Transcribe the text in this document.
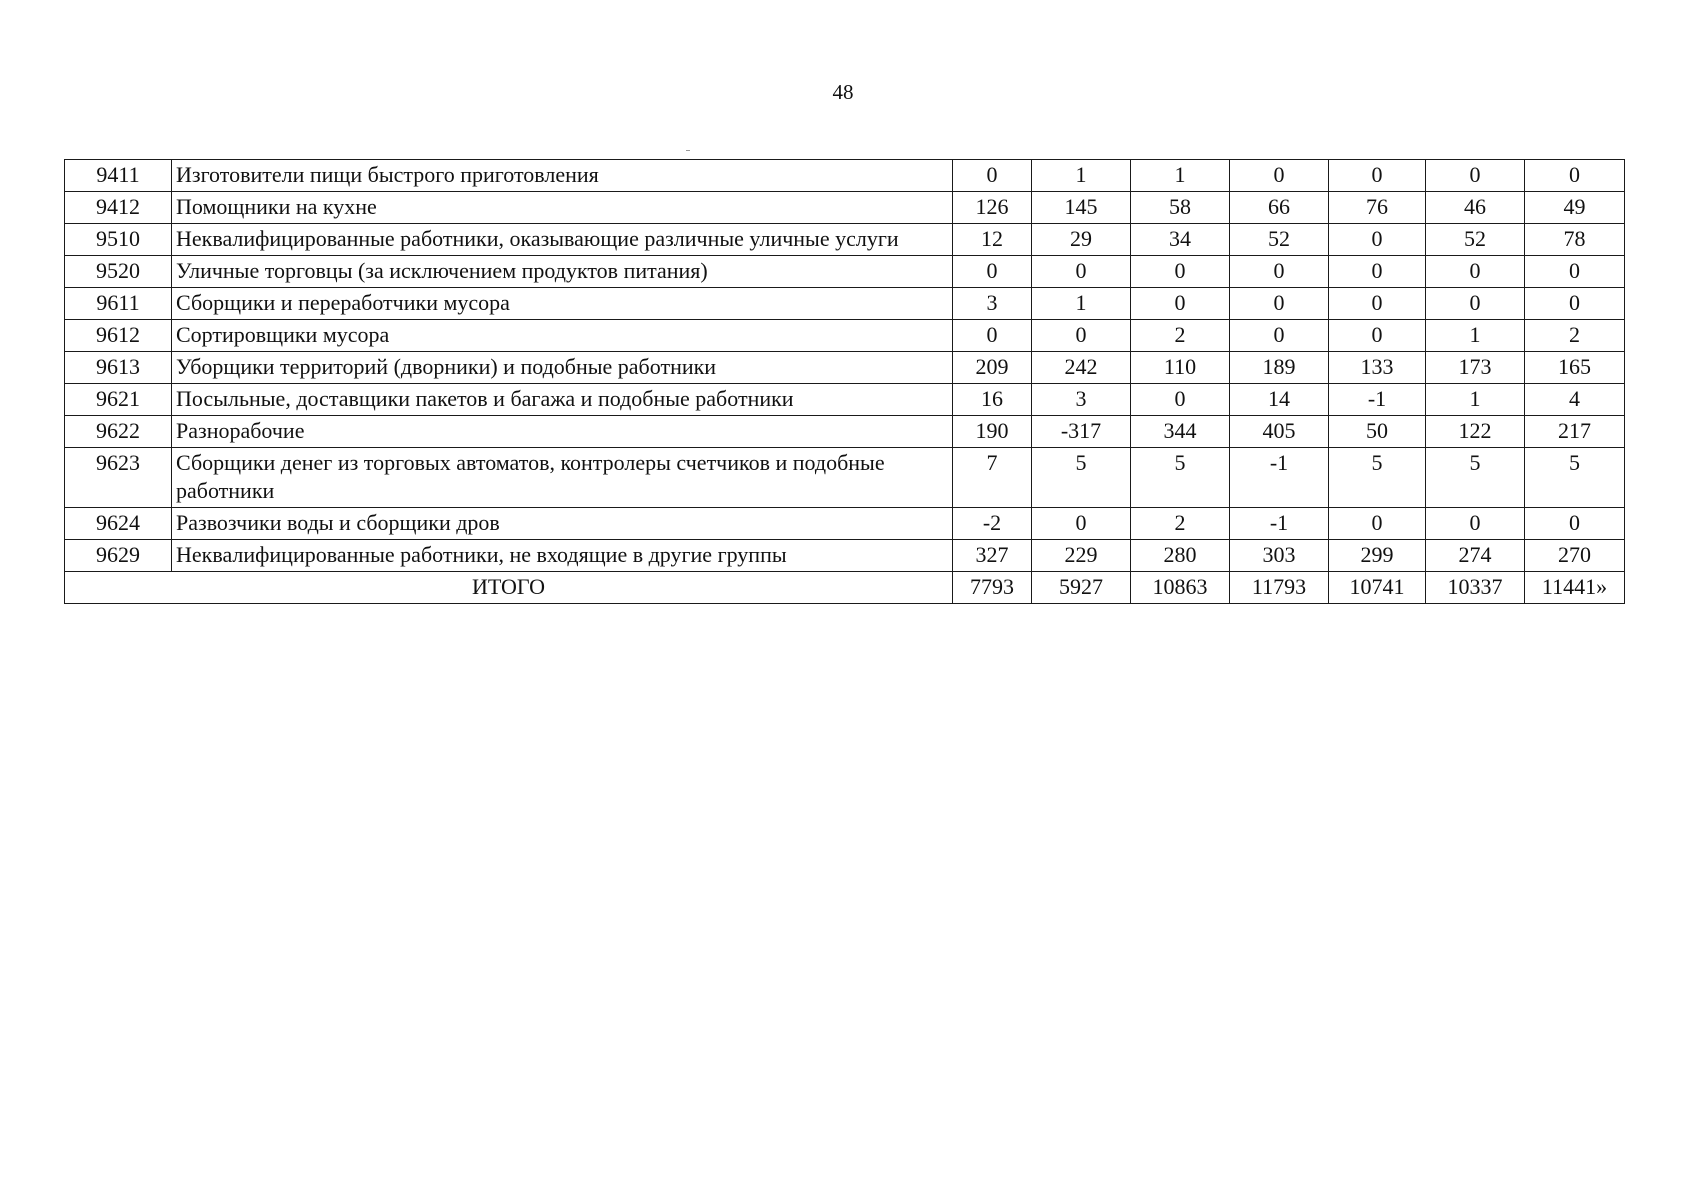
48
9411	Изготовители пищи быстрого приготовления	0	1	1	0	0	0	0
9412	Помощники на кухне	126	145	58	66	76	46	49
9510	Неквалифицированные работники, оказывающие различные уличные услуги	12	29	34	52	0	52	78
9520	Уличные торговцы (за исключением продуктов питания)	0	0	0	0	0	0	0
9611	Сборщики и переработчики мусора	3	1	0	0	0	0	0
9612	Сортировщики мусора	0	0	2	0	0	1	2
9613	Уборщики территорий (дворники) и подобные работники	209	242	110	189	133	173	165
9621	Посыльные, доставщики пакетов и багажа и подобные работники	16	3	0	14	-1	1	4
9622	Разнорабочие	190	-317	344	405	50	122	217
9623	Сборщики денег из торговых автоматов, контролеры счетчиков и подобные работники	7	5	5	-1	5	5	5
9624	Развозчики воды и сборщики дров	-2	0	2	-1	0	0	0
9629	Неквалифицированные работники, не входящие в другие группы	327	229	280	303	299	274	270
ИТОГО		7793	5927	10863	11793	10741	10337	11441»
